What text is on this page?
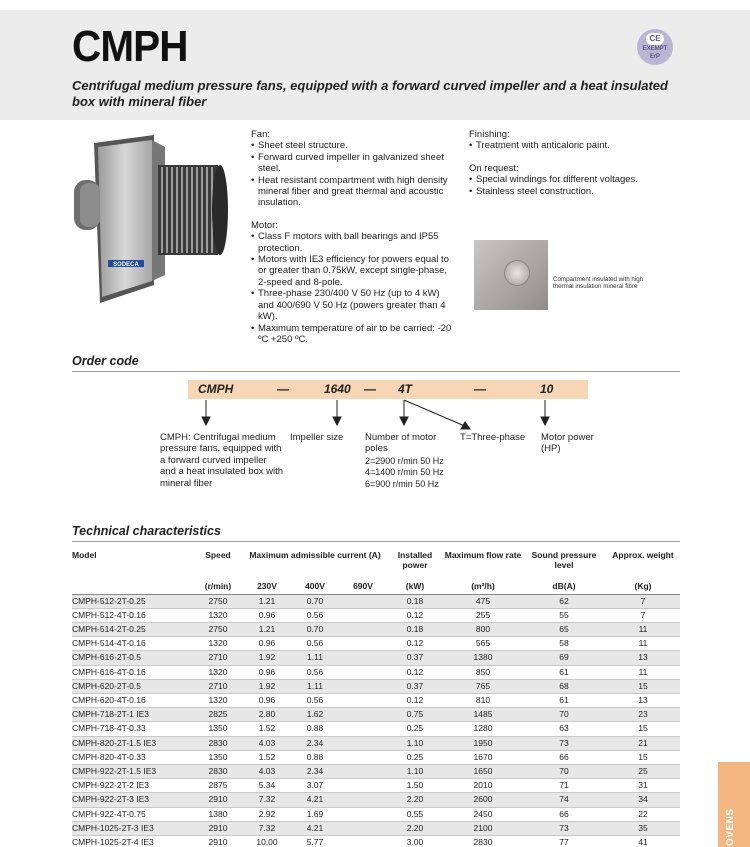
CMPH
Centrifugal medium pressure fans, equipped with a forward curved impeller and a heat insulated box with mineral fiber
CE
EXEMPT
ErP
SODECA
Fan:
• Sheet steel structure.
• Forward curved impeller in galvanized sheet steel.
• Heat resistant compartment with high density mineral fiber and great thermal and acoustic insulation.
Motor:
• Class F motors with ball bearings and IP55 protection.
• Motors with IE3 efficiency for powers equal to or greater than 0.75kW, except single-phase, 2-speed and 8-pole.
• Three-phase 230/400 V 50 Hz (up to 4 kW) and 400/690 V 50 Hz (powers greater than 4 kW).
• Maximum temperature of air to be carried: -20 ºC +250 ºC.
Finishing:
• Treatment with anticaloric paint.
On request:
• Special windings for different voltages.
• Stainless steel construction.
Compartment insulated with high thermal insulation mineral fibre
Order code
CMPH	—	1640 — 4T	—	10
CMPH: Centrifugal medium pressure fans, equipped with a forward curved impeller and a heat insulated box with mineral fiber
Impeller size	Number of motor poles
2=2900 r/min 50 Hz
4=1400 r/min 50 Hz
6=900 r/min 50 Hz
T=Three-phase	Motor power (HP)
Technical characteristics
Model	Speed	Maximum admissible current (A)			Installed power	Maximum flow rate	Sound pressure level	Approx. weight
	(r/min)	230V	400V	690V	(kW)	(m³/h)	dB(A)	(Kg)
CMPH-512-2T-0.25	2750	1.21	0.70		0.18	475	62	7
CMPH-512-4T-0.16	1320	0.96	0.56		0.12	255	55	7
CMPH-514-2T-0.25	2750	1.21	0.70		0.18	800	65	11
CMPH-514-4T-0.16	1320	0.96	0.56		0.12	565	58	11
CMPH-616-2T-0.5	2710	1.92	1.11		0.37	1380	69	13
CMPH-616-4T-0.16	1320	0.96	0.56		0.12	850	61	11
CMPH-620-2T-0.5	2710	1.92	1.11		0.37	765	68	15
CMPH-620-4T-0.16	1320	0.96	0.56		0.12	810	61	13
CMPH-718-2T-1 IE3	2825	2.80	1.62		0.75	1485	70	23
CMPH-718-4T-0.33	1350	1.52	0.88		0.25	1280	63	15
CMPH-820-2T-1.5 IE3	2830	4.03	2.34		1.10	1950	73	21
CMPH-820-4T-0.33	1350	1.52	0.88		0.25	1670	66	15
CMPH-922-2T-1.5 IE3	2830	4.03	2.34		1.10	1650	70	25
CMPH-922-2T-2 IE3	2875	5.34	3.07		1.50	2010	71	31
CMPH-922-2T-3 IE3	2910	7.32	4.21		2.20	2600	74	34
CMPH-922-4T-0.75	1380	2.92	1.69		0.55	2450	66	22
CMPH-1025-2T-3 IE3	2910	7.32	4.21		2.20	2100	73	35
CMPH-1025-2T-4 IE3	2910	10.00	5.77		3.00	2830	77	41	OVENS
